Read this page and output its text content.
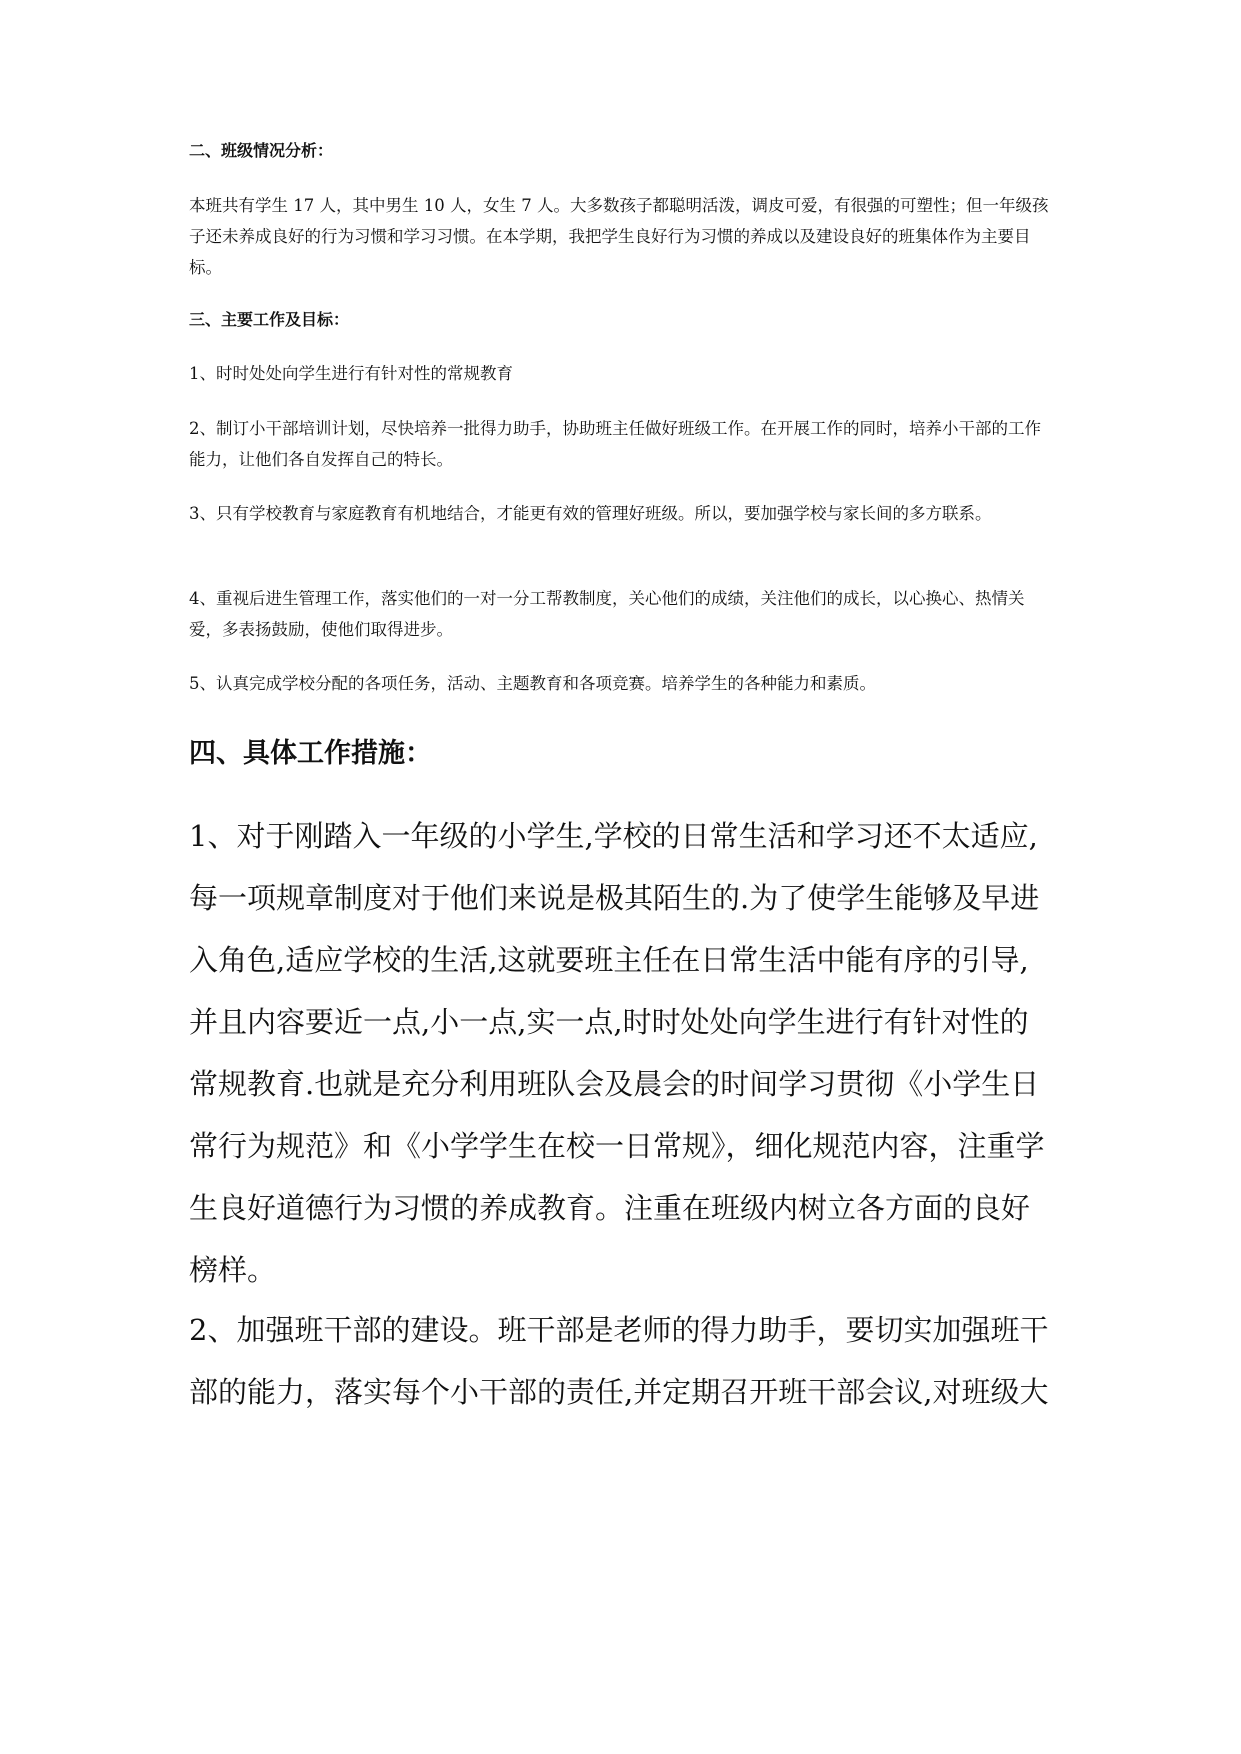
二、班级情况分析：

本班共有学生 17 人，其中男生 10 人，女生 7 人。大多数孩子都聪明活泼，调皮可爱，有很强的可塑性；但一年级孩子还未养成良好的行为习惯和学习习惯。在本学期，我把学生良好行为习惯的养成以及建设良好的班集体作为主要目标。

三、主要工作及目标：

1、时时处处向学生进行有针对性的常规教育

2、制订小干部培训计划，尽快培养一批得力助手，协助班主任做好班级工作。在开展工作的同时，培养小干部的工作能力，让他们各自发挥自己的特长。

3、只有学校教育与家庭教育有机地结合，才能更有效的管理好班级。所以，要加强学校与家长间的多方联系。

4、重视后进生管理工作，落实他们的一对一分工帮教制度，关心他们的成绩，关注他们的成长，以心换心、热情关爱，多表扬鼓励，使他们取得进步。

5、认真完成学校分配的各项任务，活动、主题教育和各项竞赛。培养学生的各种能力和素质。

四、具体工作措施：

1、对于刚踏入一年级的小学生,学校的日常生活和学习还不太适应,每一项规章制度对于他们来说是极其陌生的.为了使学生能够及早进入角色,适应学校的生活,这就要班主任在日常生活中能有序的引导,并且内容要近一点,小一点,实一点,时时处处向学生进行有针对性的常规教育.也就是充分利用班队会及晨会的时间学习贯彻《小学生日常行为规范》和《小学学生在校一日常规》，细化规范内容，注重学生良好道德行为习惯的养成教育。注重在班级内树立各方面的良好榜样。

2、加强班干部的建设。班干部是老师的得力助手，要切实加强班干部的能力，落实每个小干部的责任,并定期召开班干部会议,对班级大
